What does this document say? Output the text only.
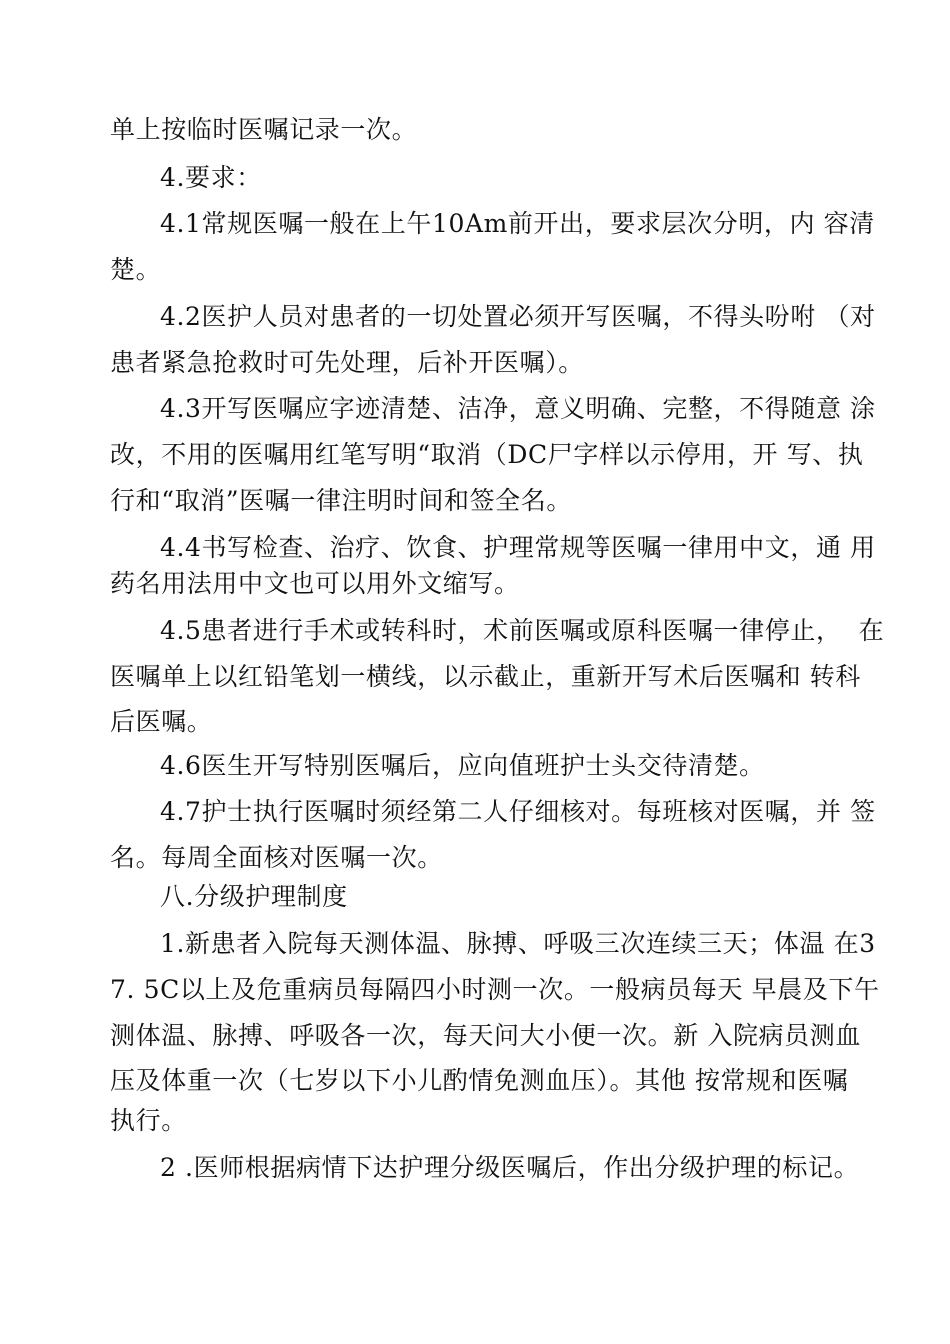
单上按临时医嘱记录一次。
4.要求：
4.1常规医嘱一般在上午10Am前开出，要求层次分明，内 容清
楚。
4.2医护人员对患者的一切处置必须开写医嘱，不得头吩咐 （对
患者紧急抢救时可先处理，后补开医嘱）。
4.3开写医嘱应字迹清楚、洁净，意义明确、完整，不得随意 涂
改，不用的医嘱用红笔写明“取消（DC尸字样以示停用，开 写、执
行和“取消”医嘱一律注明时间和签全名。
4.4书写检查、治疗、饮食、护理常规等医嘱一律用中文，通 用
药名用法用中文也可以用外文缩写。
4.5患者进行手术或转科时，术前医嘱或原科医嘱一律停止，  在
医嘱单上以红铅笔划一横线，以示截止，重新开写术后医嘱和 转科
后医嘱。
4.6医生开写特别医嘱后，应向值班护士头交待清楚。
4.7护士执行医嘱时须经第二人仔细核对。每班核对医嘱，并 签
名。每周全面核对医嘱一次。
八.分级护理制度
1.新患者入院每天测体温、脉搏、呼吸三次连续三天；体温 在3
7. 5C以上及危重病员每隔四小时测一次。一般病员每天 早晨及下午
测体温、脉搏、呼吸各一次，每天问大小便一次。新 入院病员测血
压及体重一次（七岁以下小儿酌情免测血压）。其他 按常规和医嘱
执行。
2 .医师根据病情下达护理分级医嘱后，作出分级护理的标记。
